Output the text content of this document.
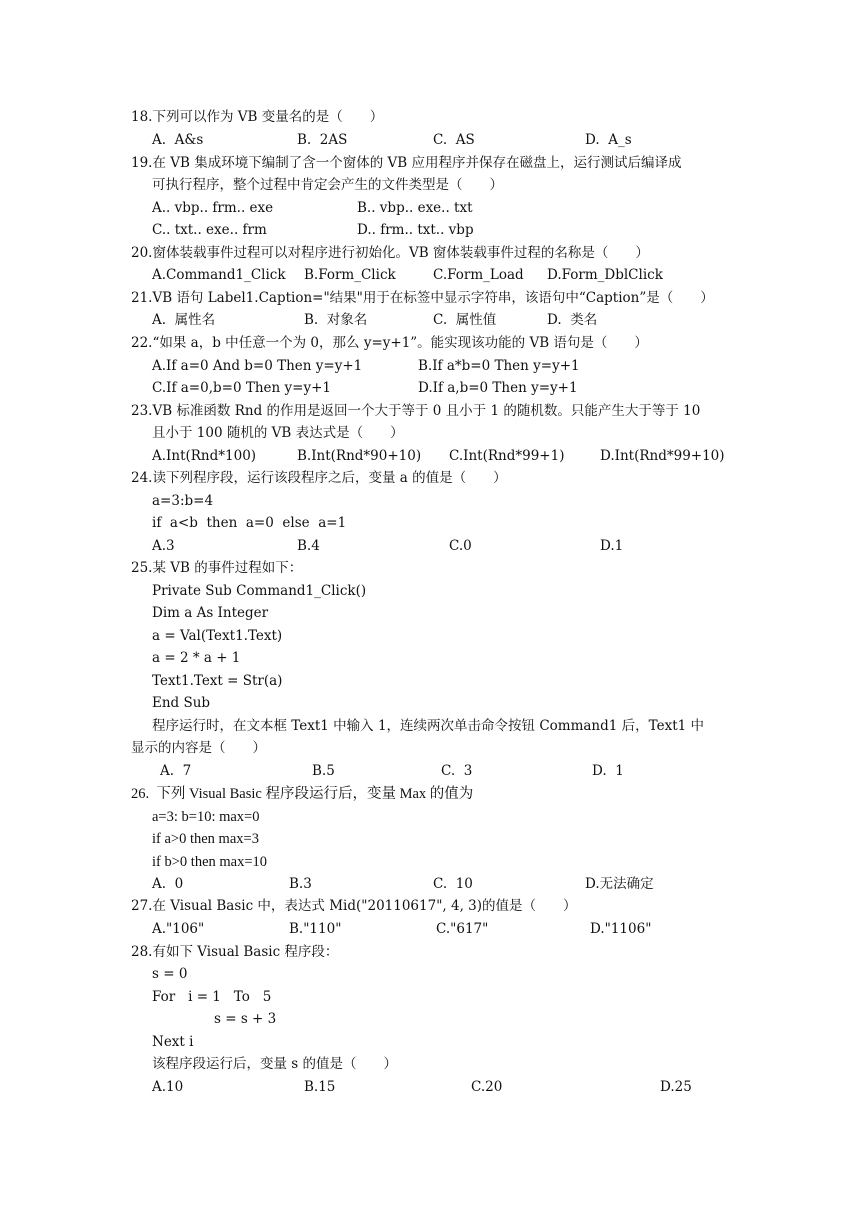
18.下列可以作为 VB 变量名的是（　　）
A.  A&s	B.  2AS	C.  AS	D.  A_s
19.在 VB 集成环境下编制了含一个窗体的 VB 应用程序并保存在磁盘上，运行测试后编译成
可执行程序，整个过程中肯定会产生的文件类型是（　　）
A.. vbp.. frm.. exe	B.. vbp.. exe.. txt
C.. txt.. exe.. frm	D.. frm.. txt.. vbp
20.窗体装载事件过程可以对程序进行初始化。VB 窗体装载事件过程的名称是（　　）
A.Command1_Click B.Form_Click	C.Form_Load D.Form_DblClick
21.VB 语句 Label1.Caption="结果"用于在标签中显示字符串，该语句中“Caption”是（　　）
A.  属性名	B.  对象名	C.  属性值	D.  类名
22.“如果 a，b 中任意一个为 0，那么 y=y+1”。能实现该功能的 VB 语句是（　　）
A.If a=0 And b=0 Then y=y+1	B.If a*b=0 Then y=y+1
C.If a=0,b=0 Then y=y+1	D.If a,b=0 Then y=y+1
23.VB 标准函数 Rnd 的作用是返回一个大于等于 0 且小于 1 的随机数。只能产生大于等于 10
且小于 100 随机的 VB 表达式是（　　）
A.Int(Rnd*100)	B.Int(Rnd*90+10) C.Int(Rnd*99+1)	D.Int(Rnd*99+10)
24.读下列程序段，运行该段程序之后，变量 a 的值是（　　）
a=3:b=4
if  a<b  then  a=0  else  a=1
A.3	B.4	C.0	D.1
25.某 VB 的事件过程如下：
Private Sub Command1_Click()
Dim a As Integer
a = Val(Text1.Text)
a = 2 * a + 1
Text1.Text = Str(a)
End Sub
程序运行时，在文本框 Text1 中输入 1，连续两次单击命令按钮 Command1 后，Text1 中
显示的内容是（　　）
A.  7	B.5	C.  3	D.  1
26.  下列 Visual Basic 程序段运行后，变量 Max 的值为
a=3: b=10: max=0
if a>0 then max=3
if b>0 then max=10
A.  0	B.3	C.  10	D.无法确定
27.在 Visual Basic 中，表达式 Mid("20110617", 4, 3)的值是（　　）
A."106"	B."110"	C."617"	D."1106"
28.有如下 Visual Basic 程序段：
s = 0
For   i = 1   To   5
s = s + 3
Next i
该程序段运行后，变量 s 的值是（　　）
A.10	B.15	C.20	D.25
